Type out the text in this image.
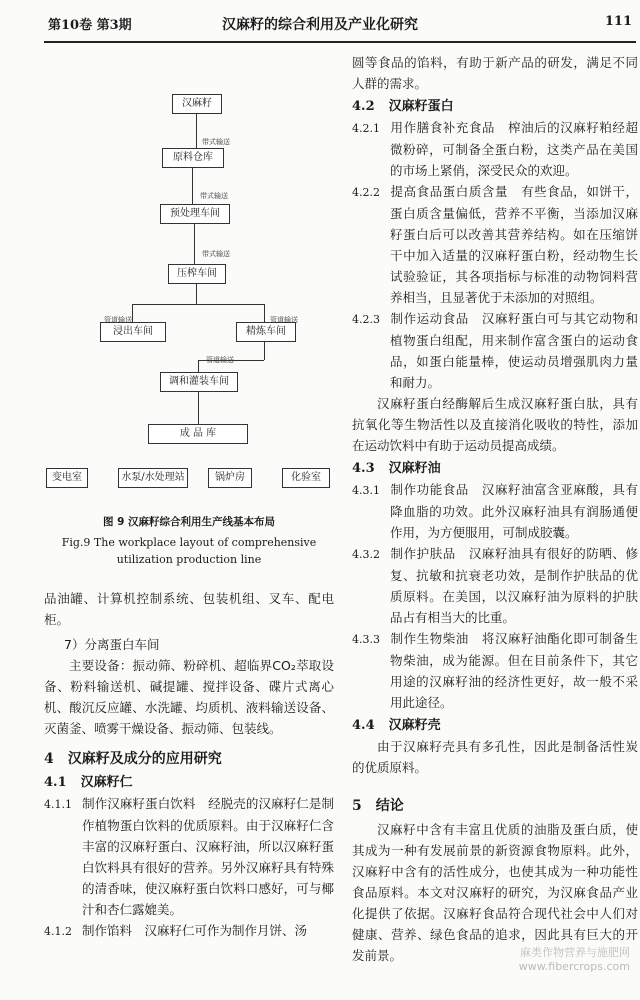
第10卷 第3期	汉麻籽的综合利用及产业化研究	111
汉麻籽
原料仓库
预处理车间
压榨车间
浸出车间	精炼车间
调和灌装车间
成 品 库
带式输送
带式输送
带式输送
管道输送	管道输送
管道输送
变电室	水泵/水处理站	锅炉房	化验室
图 9 汉麻籽综合利用生产线基本布局
Fig.9 The workplace layout of comprehensive
utilization production line

品油罐、计算机控制系统、包装机组、叉车、配电柜。

7）分离蛋白车间

主要设备：振动筛、粉碎机、超临界CO₂萃取设备、粉料输送机、碱提罐、搅拌设备、碟片式离心机、酸沉反应罐、水洗罐、均质机、液料输送设备、灭菌釜、喷雾干燥设备、振动筛、包装线。

4 汉麻籽及成分的应用研究
4.1 汉麻籽仁

4.1.1 制作汉麻籽蛋白饮料　经脱壳的汉麻籽仁是制作植物蛋白饮料的优质原料。由于汉麻籽仁含丰富的汉麻籽蛋白、汉麻籽油，所以汉麻籽蛋白饮料具有很好的营养。另外汉麻籽具有特殊的清香味，使汉麻籽蛋白饮料口感好，可与椰汁和杏仁露媲美。

4.1.2 制作馅料　汉麻籽仁可作为制作月饼、汤

圆等食品的馅料，有助于新产品的研发，满足不同人群的需求。

4.2 汉麻籽蛋白

4.2.1 用作膳食补充食品　榨油后的汉麻籽粕经超微粉碎，可制备全蛋白粉，这类产品在美国的市场上紧俏，深受民众的欢迎。

4.2.2 提高食品蛋白质含量　有些食品，如饼干，蛋白质含量偏低，营养不平衡，当添加汉麻籽蛋白后可以改善其营养结构。如在压缩饼干中加入适量的汉麻籽蛋白粉，经动物生长试验验证，其各项指标与标准的动物饲料营养相当，且显著优于未添加的对照组。

4.2.3 制作运动食品　汉麻籽蛋白可与其它动物和植物蛋白组配，用来制作富含蛋白的运动食品，如蛋白能量棒，使运动员增强肌肉力量和耐力。

汉麻籽蛋白经酶解后生成汉麻籽蛋白肽，具有抗氧化等生物活性以及直接消化吸收的特性，添加在运动饮料中有助于运动员提高成绩。

4.3 汉麻籽油

4.3.1 制作功能食品　汉麻籽油富含亚麻酸，具有降血脂的功效。此外汉麻籽油具有润肠通便作用，为方便服用，可制成胶囊。

4.3.2 制作护肤品　汉麻籽油具有很好的防晒、修复、抗敏和抗衰老功效，是制作护肤品的优质原料。在美国，以汉麻籽油为原料的护肤品占有相当大的比重。

4.3.3 制作生物柴油　将汉麻籽油酯化即可制备生物柴油，成为能源。但在目前条件下，其它用途的汉麻籽油的经济性更好，故一般不采用此途径。

4.4 汉麻籽壳

由于汉麻籽壳具有多孔性，因此是制备活性炭的优质原料。

5 结论

汉麻籽中含有丰富且优质的油脂及蛋白质，使其成为一种有发展前景的新资源食物原料。此外，汉麻籽中含有的活性成分，也使其成为一种功能性食品原料。本文对汉麻籽的研究，为汉麻食品产业化提供了依据。汉麻籽食品符合现代社会中人们对健康、营养、绿色食品的追求，因此具有巨大的开发前景。	麻类作物营养与施肥网
www.fibercrops.com
